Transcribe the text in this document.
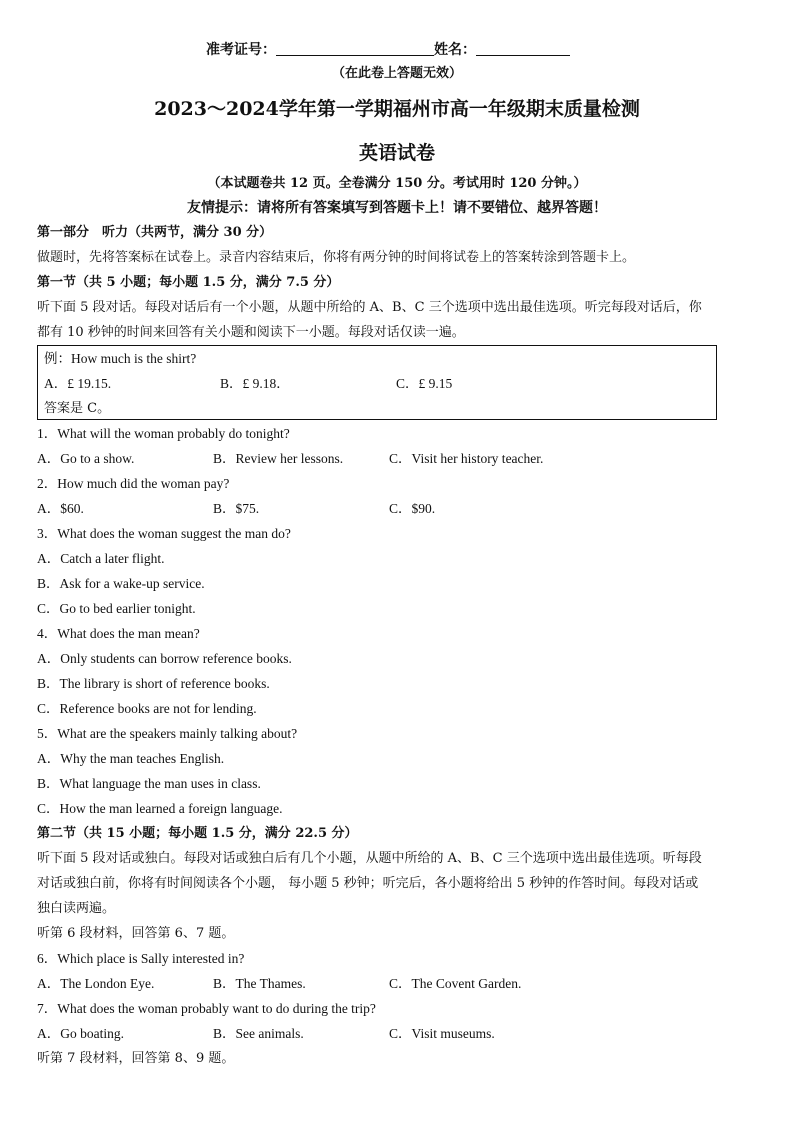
准考证号：	姓名：
（在此卷上答题无效）
2023～2024学年第一学期福州市高一年级期末质量检测
英语试卷
（本试题卷共 12 页。全卷满分 150 分。考试用时 120 分钟。）
友情提示：请将所有答案填写到答题卡上！请不要错位、越界答题！
第一部分　听力（共两节，满分 30 分）
做题时，先将答案标在试卷上。录音内容结束后，你将有两分钟的时间将试卷上的答案转涂到答题卡上。
第一节（共 5 小题；每小题 1.5 分，满分 7.5 分）
听下面 5 段对话。每段对话后有一个小题，从题中所给的 A、B、C 三个选项中选出最佳选项。听完每段对话后，你
都有 10 秒钟的时间来回答有关小题和阅读下一小题。每段对话仅读一遍。
例：How much is the shirt?
A．£ 19.15.	B．£ 9.18．	C．£ 9.15
答案是 C。
1．What will the woman probably do tonight?
A．Go to a show.	B．Review her lessons.	C．Visit her history teacher.
2．How much did the woman pay?
A．$60.	B．$75.	C．$90.
3．What does the woman suggest the man do?
A．Catch a later flight.
B．Ask for a wake-up service.
C．Go to bed earlier tonight.
4．What does the man mean?
A．Only students can borrow reference books.
B．The library is short of reference books.
C．Reference books are not for lending.
5．What are the speakers mainly talking about?
A．Why the man teaches English.
B．What language the man uses in class.
C．How the man learned a foreign language.
第二节（共 15 小题；每小题 1.5 分，满分 22.5 分）
听下面 5 段对话或独白。每段对话或独白后有几个小题，从题中所给的 A、B、C 三个选项中选出最佳选项。听每段
对话或独白前，你将有时间阅读各个小题， 每小题 5 秒钟；听完后，各小题将给出 5 秒钟的作答时间。每段对话或
独白读两遍。
听第 6 段材料，回答第 6、7 题。
6．Which place is Sally interested in?
A．The London Eye.	B．The Thames.	C．The Covent Garden.
7．What does the woman probably want to do during the trip?
A．Go boating.	B．See animals.	C．Visit museums.
听第 7 段材料，回答第 8、9 题。
